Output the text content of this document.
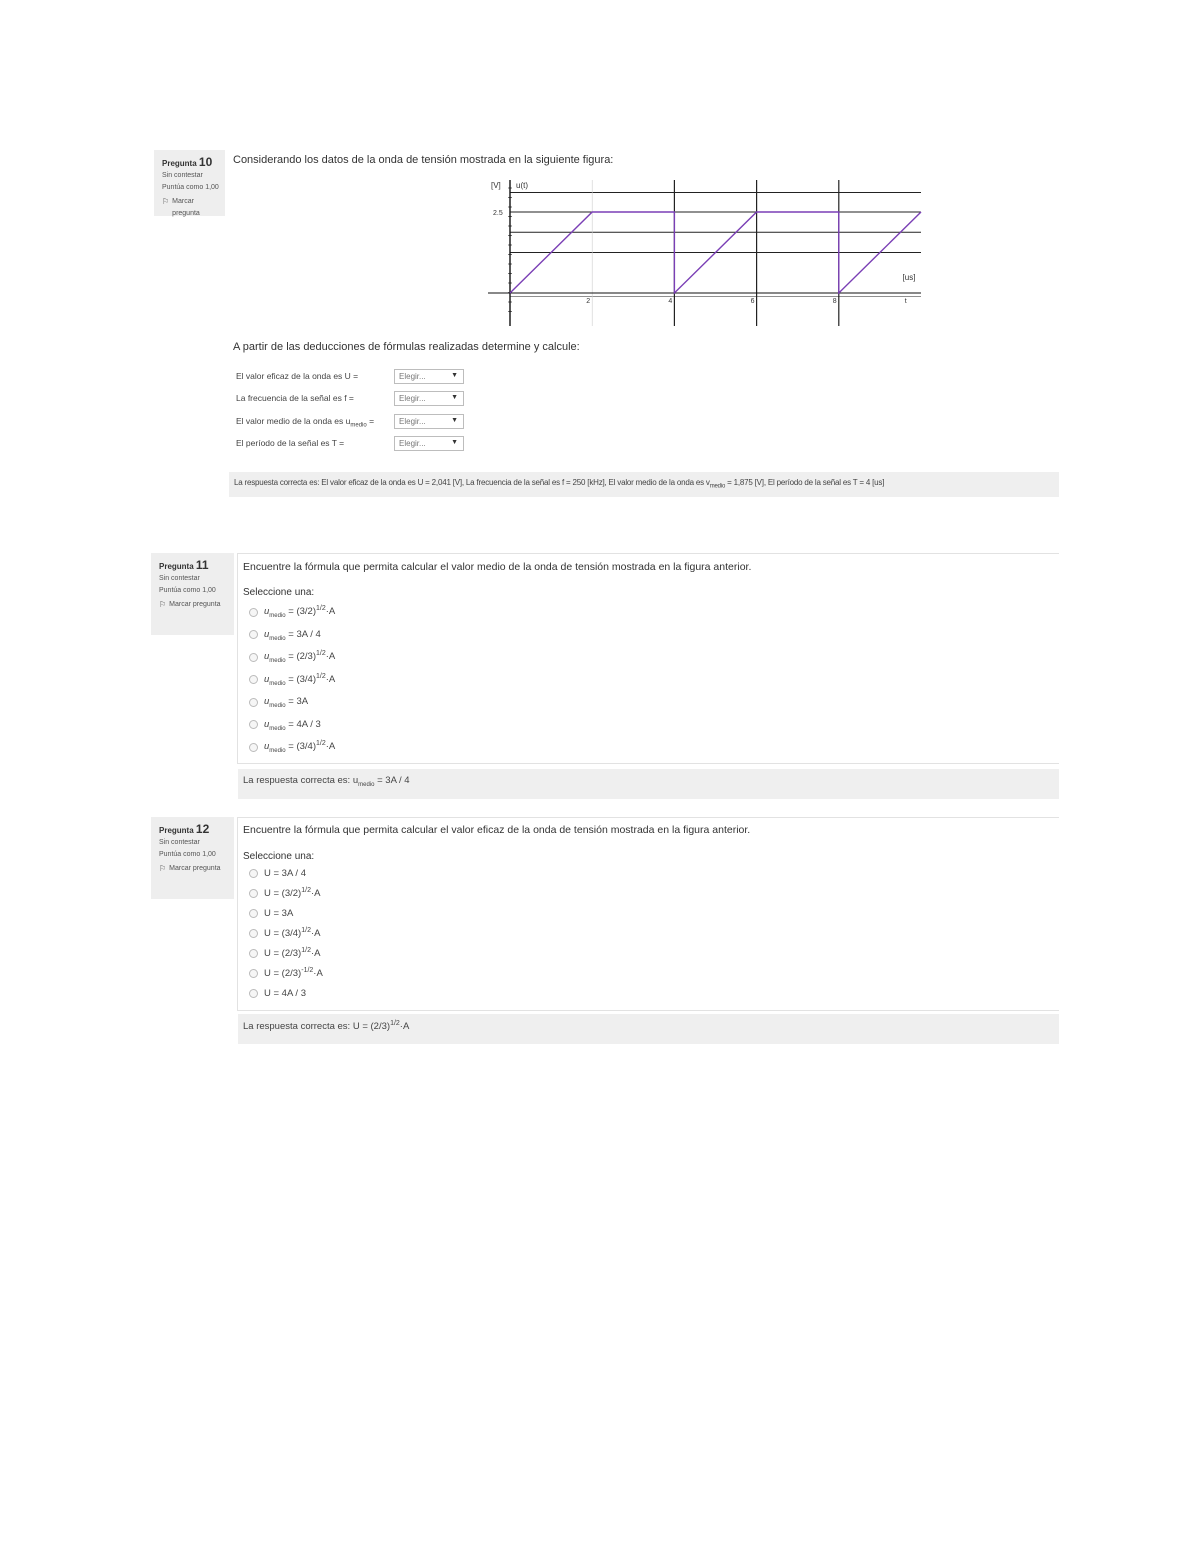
Pregunta 10
Sin contestar
Puntúa como 1,00
⚐ Marcar pregunta
Considerando los datos de la onda de tensión mostrada en la siguiente figura:
[V] u(t)
2.5
[us]
2	4	6	8	t
A partir de las deducciones de fórmulas realizadas determine y calcule:
El valor eficaz de la onda es U =	Elegir...	▼
La frecuencia de la señal es f =	Elegir...	▼
El valor medio de la onda es $u_{medio}$ =	Elegir...	▼
El período de la señal es T =	Elegir...	▼
La respuesta correcta es: El valor eficaz de la onda es U = 2,041 [V], La frecuencia de la señal es f = 250 [kHz], El valor medio de la onda es $v_{medio} = 1,875$ [V], El período de la señal es T = 4 [us]
Pregunta 11
Sin contestar
Puntúa como 1,00
⚐ Marcar pregunta
Encuentre la fórmula que permita calcular el valor medio de la onda de tensión mostrada en la figura anterior.
Seleccione una:
$u_{medio} = (3/2)^{1/2}\cdot A$
$u_{medio} = 3A / 4$
$u_{medio} = (2/3)^{1/2}\cdot A$
$u_{medio} = (3/4)^{1/2}\cdot A$
$u_{medio} = 3A$
$u_{medio} = 4A / 3$
$u_{medio} = (3/4)^{1/2}\cdot A$
La respuesta correcta es: $u_{medio} = 3A / 4$
Pregunta 12
Sin contestar
Puntúa como 1,00
⚐ Marcar pregunta
Encuentre la fórmula que permita calcular el valor eficaz de la onda de tensión mostrada en la figura anterior.
Seleccione una:
U = 3A / 4
$U = (3/2)^{1/2}\cdot A$
U = 3A
$U = (3/4)^{1/2}\cdot A$
$U = (2/3)^{1/2}\cdot A$
$U = (2/3)^{-1/2}\cdot A$
U = 4A / 3
La respuesta correcta es: $U = (2/3)^{1/2}\cdot A$
